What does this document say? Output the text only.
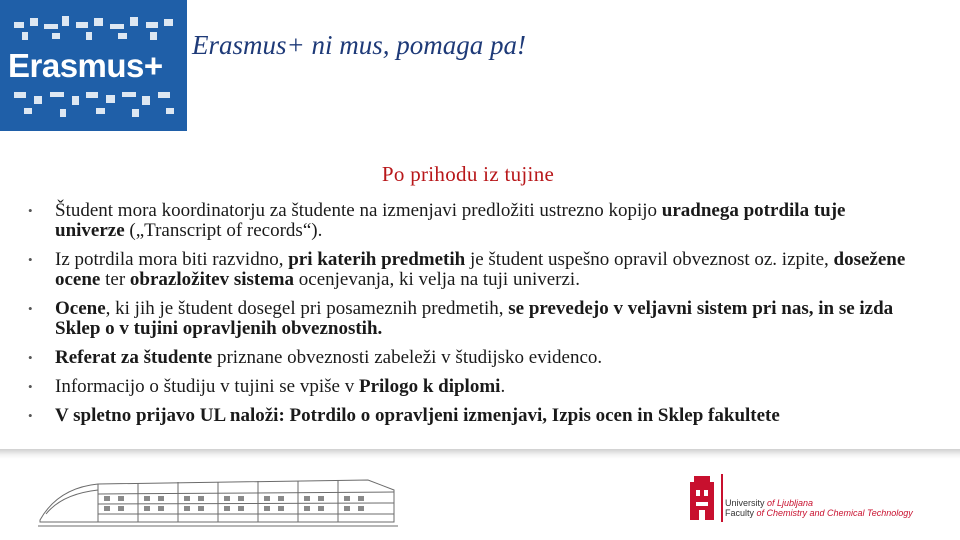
Erasmus+
Erasmus+ ni mus, pomaga pa!
Po prihodu iz tujine
• Študent mora koordinatorju za študente na izmenjavi predložiti ustrezno kopijo uradnega potrdila tuje univerze („Transcript of records“).
• Iz potrdila mora biti razvidno, pri katerih predmetih je študent uspešno opravil obveznost oz. izpite, dosežene ocene ter obrazložitev sistema ocenjevanja, ki velja na tuji univerzi.
• Ocene, ki jih je študent dosegel pri posameznih predmetih, se prevedejo v veljavni sistem pri nas, in se izda Sklep o v tujini opravljenih obveznostih.
• Referat za študente priznane obveznosti zabeleži v študijsko evidenco.
• Informacijo o študiju v tujini se vpiše v Prilogo k diplomi.
• V spletno prijavo UL naloži: Potrdilo o opravljeni izmenjavi, Izpis ocen in Sklep fakultete
University of Ljubljana
Faculty of Chemistry and Chemical Technology
